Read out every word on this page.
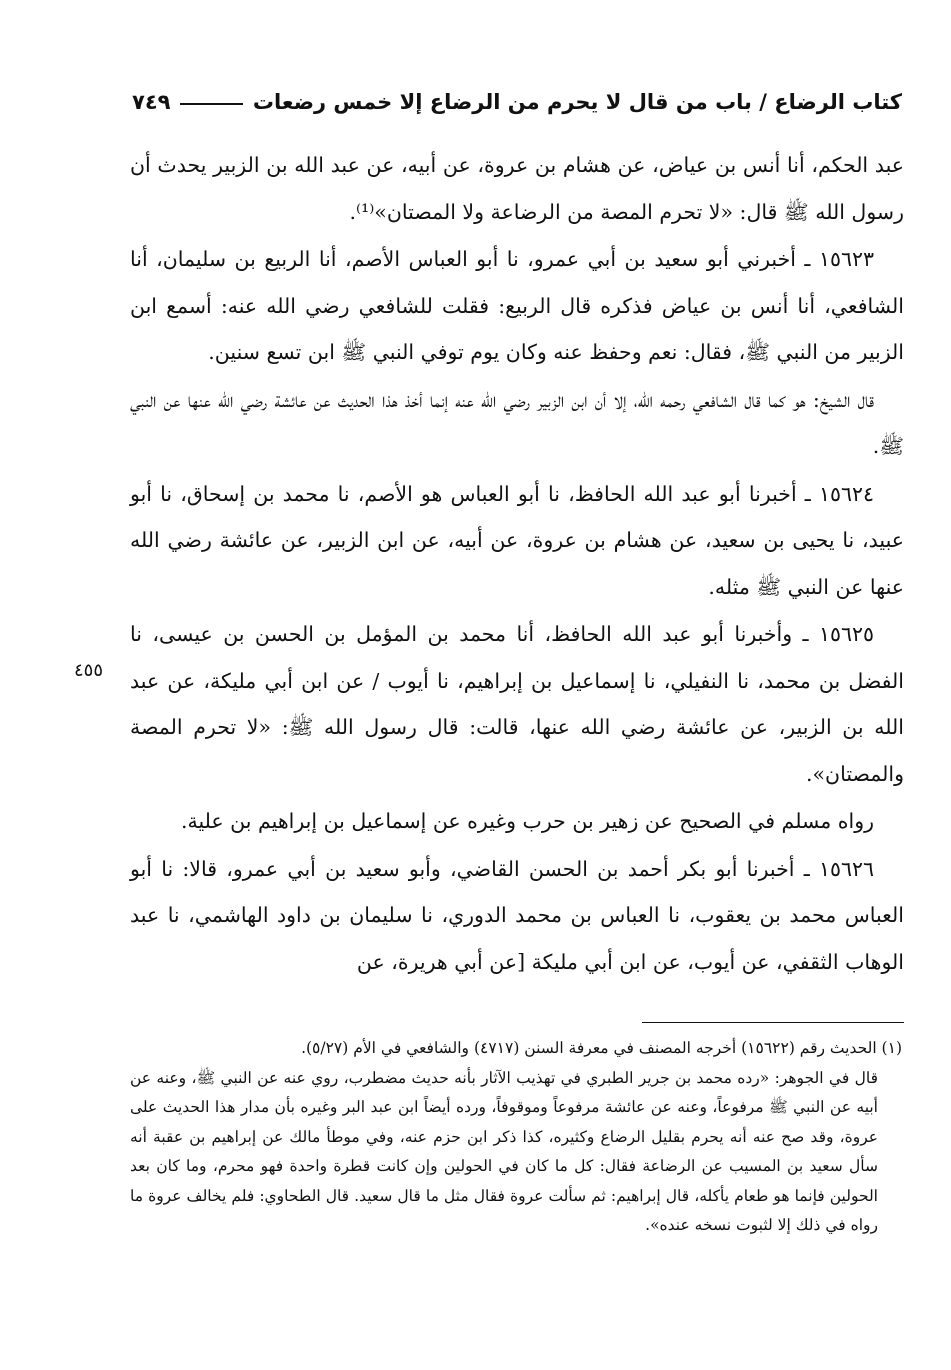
كتاب الرضاع / باب من قال لا يحرم من الرضاع إلا خمس رضعات
٧٤٩

عبد الحكم، أنا أنس بن عياض، عن هشام بن عروة، عن أبيه، عن عبد الله بن الزبير يحدث أن رسول الله ﷺ قال: «لا تحرم المصة من الرضاعة ولا المصتان»⁽¹⁾.

١٥٦٢٣ ـ أخبرني أبو سعيد بن أبي عمرو، نا أبو العباس الأصم، أنا الربيع بن سليمان، أنا الشافعي، أنا أنس بن عياض فذكره قال الربيع: فقلت للشافعي رضي الله عنه: أسمع ابن الزبير من النبي ﷺ، فقال: نعم وحفظ عنه وكان يوم توفي النبي ﷺ ابن تسع سنين.

قال الشيخ: هو كما قال الشافعي رحمه الله، إلا أن ابن الزبير رضي الله عنه إنما أخذ هذا الحديث عن عائشة رضي الله عنها عن النبي ﷺ.

١٥٦٢٤ ـ أخبرنا أبو عبد الله الحافظ، نا أبو العباس هو الأصم، نا محمد بن إسحاق، نا أبو عبيد، نا يحيى بن سعيد، عن هشام بن عروة، عن أبيه، عن ابن الزبير، عن عائشة رضي الله عنها عن النبي ﷺ مثله.

١٥٦٢٥ ـ وأخبرنا أبو عبد الله الحافظ، أنا محمد بن المؤمل بن الحسن بن عيسى، نا الفضل بن محمد، نا النفيلي، نا إسماعيل بن إبراهيم، نا أيوب / عن ابن أبي مليكة، عن عبد الله بن الزبير، عن عائشة رضي الله عنها، قالت: قال رسول الله ﷺ: «لا تحرم المصة والمصتان».

رواه مسلم في الصحيح عن زهير بن حرب وغيره عن إسماعيل بن إبراهيم بن علية.

١٥٦٢٦ ـ أخبرنا أبو بكر أحمد بن الحسن القاضي، وأبو سعيد بن أبي عمرو، قالا: نا أبو العباس محمد بن يعقوب، نا العباس بن محمد الدوري، نا سليمان بن داود الهاشمي، نا عبد الوهاب الثقفي، عن أيوب، عن ابن أبي مليكة [عن أبي هريرة، عن

٤٥٥

(١) الحديث رقم (١٥٦٢٢) أخرجه المصنف في معرفة السنن (٤٧١٧) والشافعي في الأم (٥/٢٧).

قال في الجوهر: «رده محمد بن جرير الطبري في تهذيب الآثار بأنه حديث مضطرب، روي عنه عن النبي ﷺ، وعنه عن أبيه عن النبي ﷺ مرفوعاً، وعنه عن عائشة مرفوعاً وموقوفاً، ورده أيضاً ابن عبد البر وغيره بأن مدار هذا الحديث على عروة، وقد صح عنه أنه يحرم بقليل الرضاع وكثيره، كذا ذكر ابن حزم عنه، وفي موطأ مالك عن إبراهيم بن عقبة أنه سأل سعيد بن المسيب عن الرضاعة فقال: كل ما كان في الحولين وإن كانت قطرة واحدة فهو محرم، وما كان بعد الحولين فإنما هو طعام يأكله، قال إبراهيم: ثم سألت عروة فقال مثل ما قال سعيد. قال الطحاوي: فلم يخالف عروة ما رواه في ذلك إلا لثبوت نسخه عنده».
